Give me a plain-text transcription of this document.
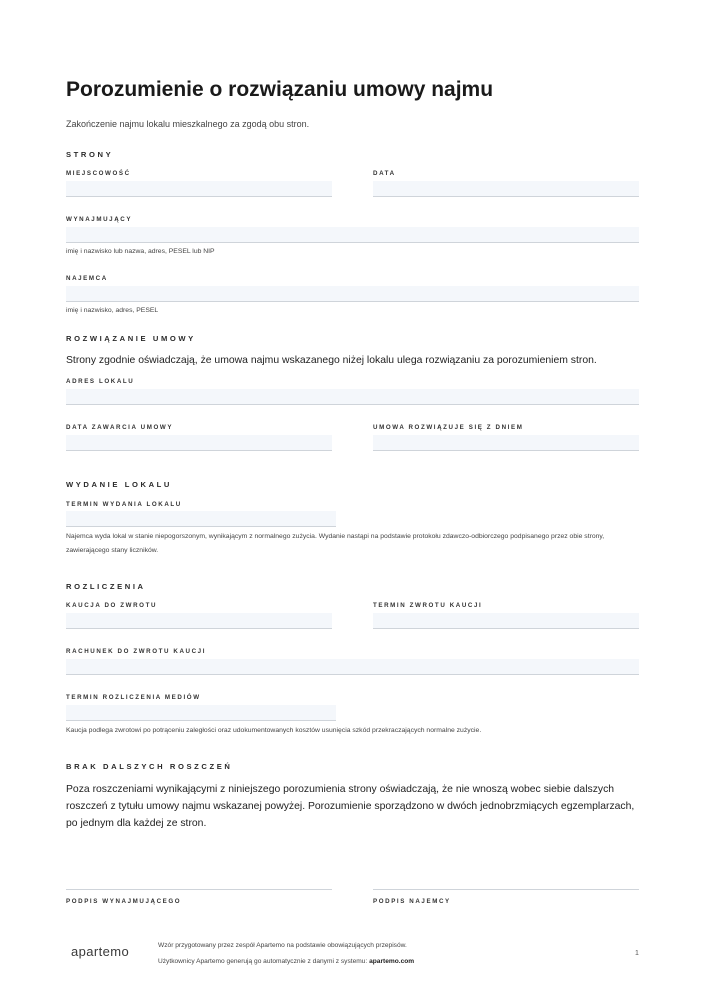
Porozumienie o rozwiązaniu umowy najmu
Zakończenie najmu lokalu mieszkalnego za zgodą obu stron.
STRONY
MIEJSCOWOŚĆ	DATA
WYNAJMUJĄCY
imię i nazwisko lub nazwa, adres, PESEL lub NIP
NAJEMCA
imię i nazwisko, adres, PESEL
ROZWIĄZANIE UMOWY
Strony zgodnie oświadczają, że umowa najmu wskazanego niżej lokalu ulega rozwiązaniu za porozumieniem stron.
ADRES LOKALU
DATA ZAWARCIA UMOWY	UMOWA ROZWIĄZUJE SIĘ Z DNIEM
WYDANIE LOKALU
TERMIN WYDANIA LOKALU
Najemca wyda lokal w stanie niepogorszonym, wynikającym z normalnego zużycia. Wydanie nastąpi na podstawie protokołu zdawczo-odbiorczego podpisanego przez obie strony, zawierającego stany liczników.
ROZLICZENIA
KAUCJA DO ZWROTU	TERMIN ZWROTU KAUCJI
RACHUNEK DO ZWROTU KAUCJI
TERMIN ROZLICZENIA MEDIÓW
Kaucja podlega zwrotowi po potrąceniu zaległości oraz udokumentowanych kosztów usunięcia szkód przekraczających normalne zużycie.
BRAK DALSZYCH ROSZCZEŃ
Poza roszczeniami wynikającymi z niniejszego porozumienia strony oświadczają, że nie wnoszą wobec siebie dalszych roszczeń z tytułu umowy najmu wskazanej powyżej. Porozumienie sporządzono w dwóch jednobrzmiących egzemplarzach, po jednym dla każdej ze stron.
PODPIS WYNAJMUJĄCEGO	PODPIS NAJEMCY
apartemo	Wzór przygotowany przez zespół Apartemo na podstawie obowiązujących przepisów.
Użytkownicy Apartemo generują go automatycznie z danymi z systemu: apartemo.com
1
